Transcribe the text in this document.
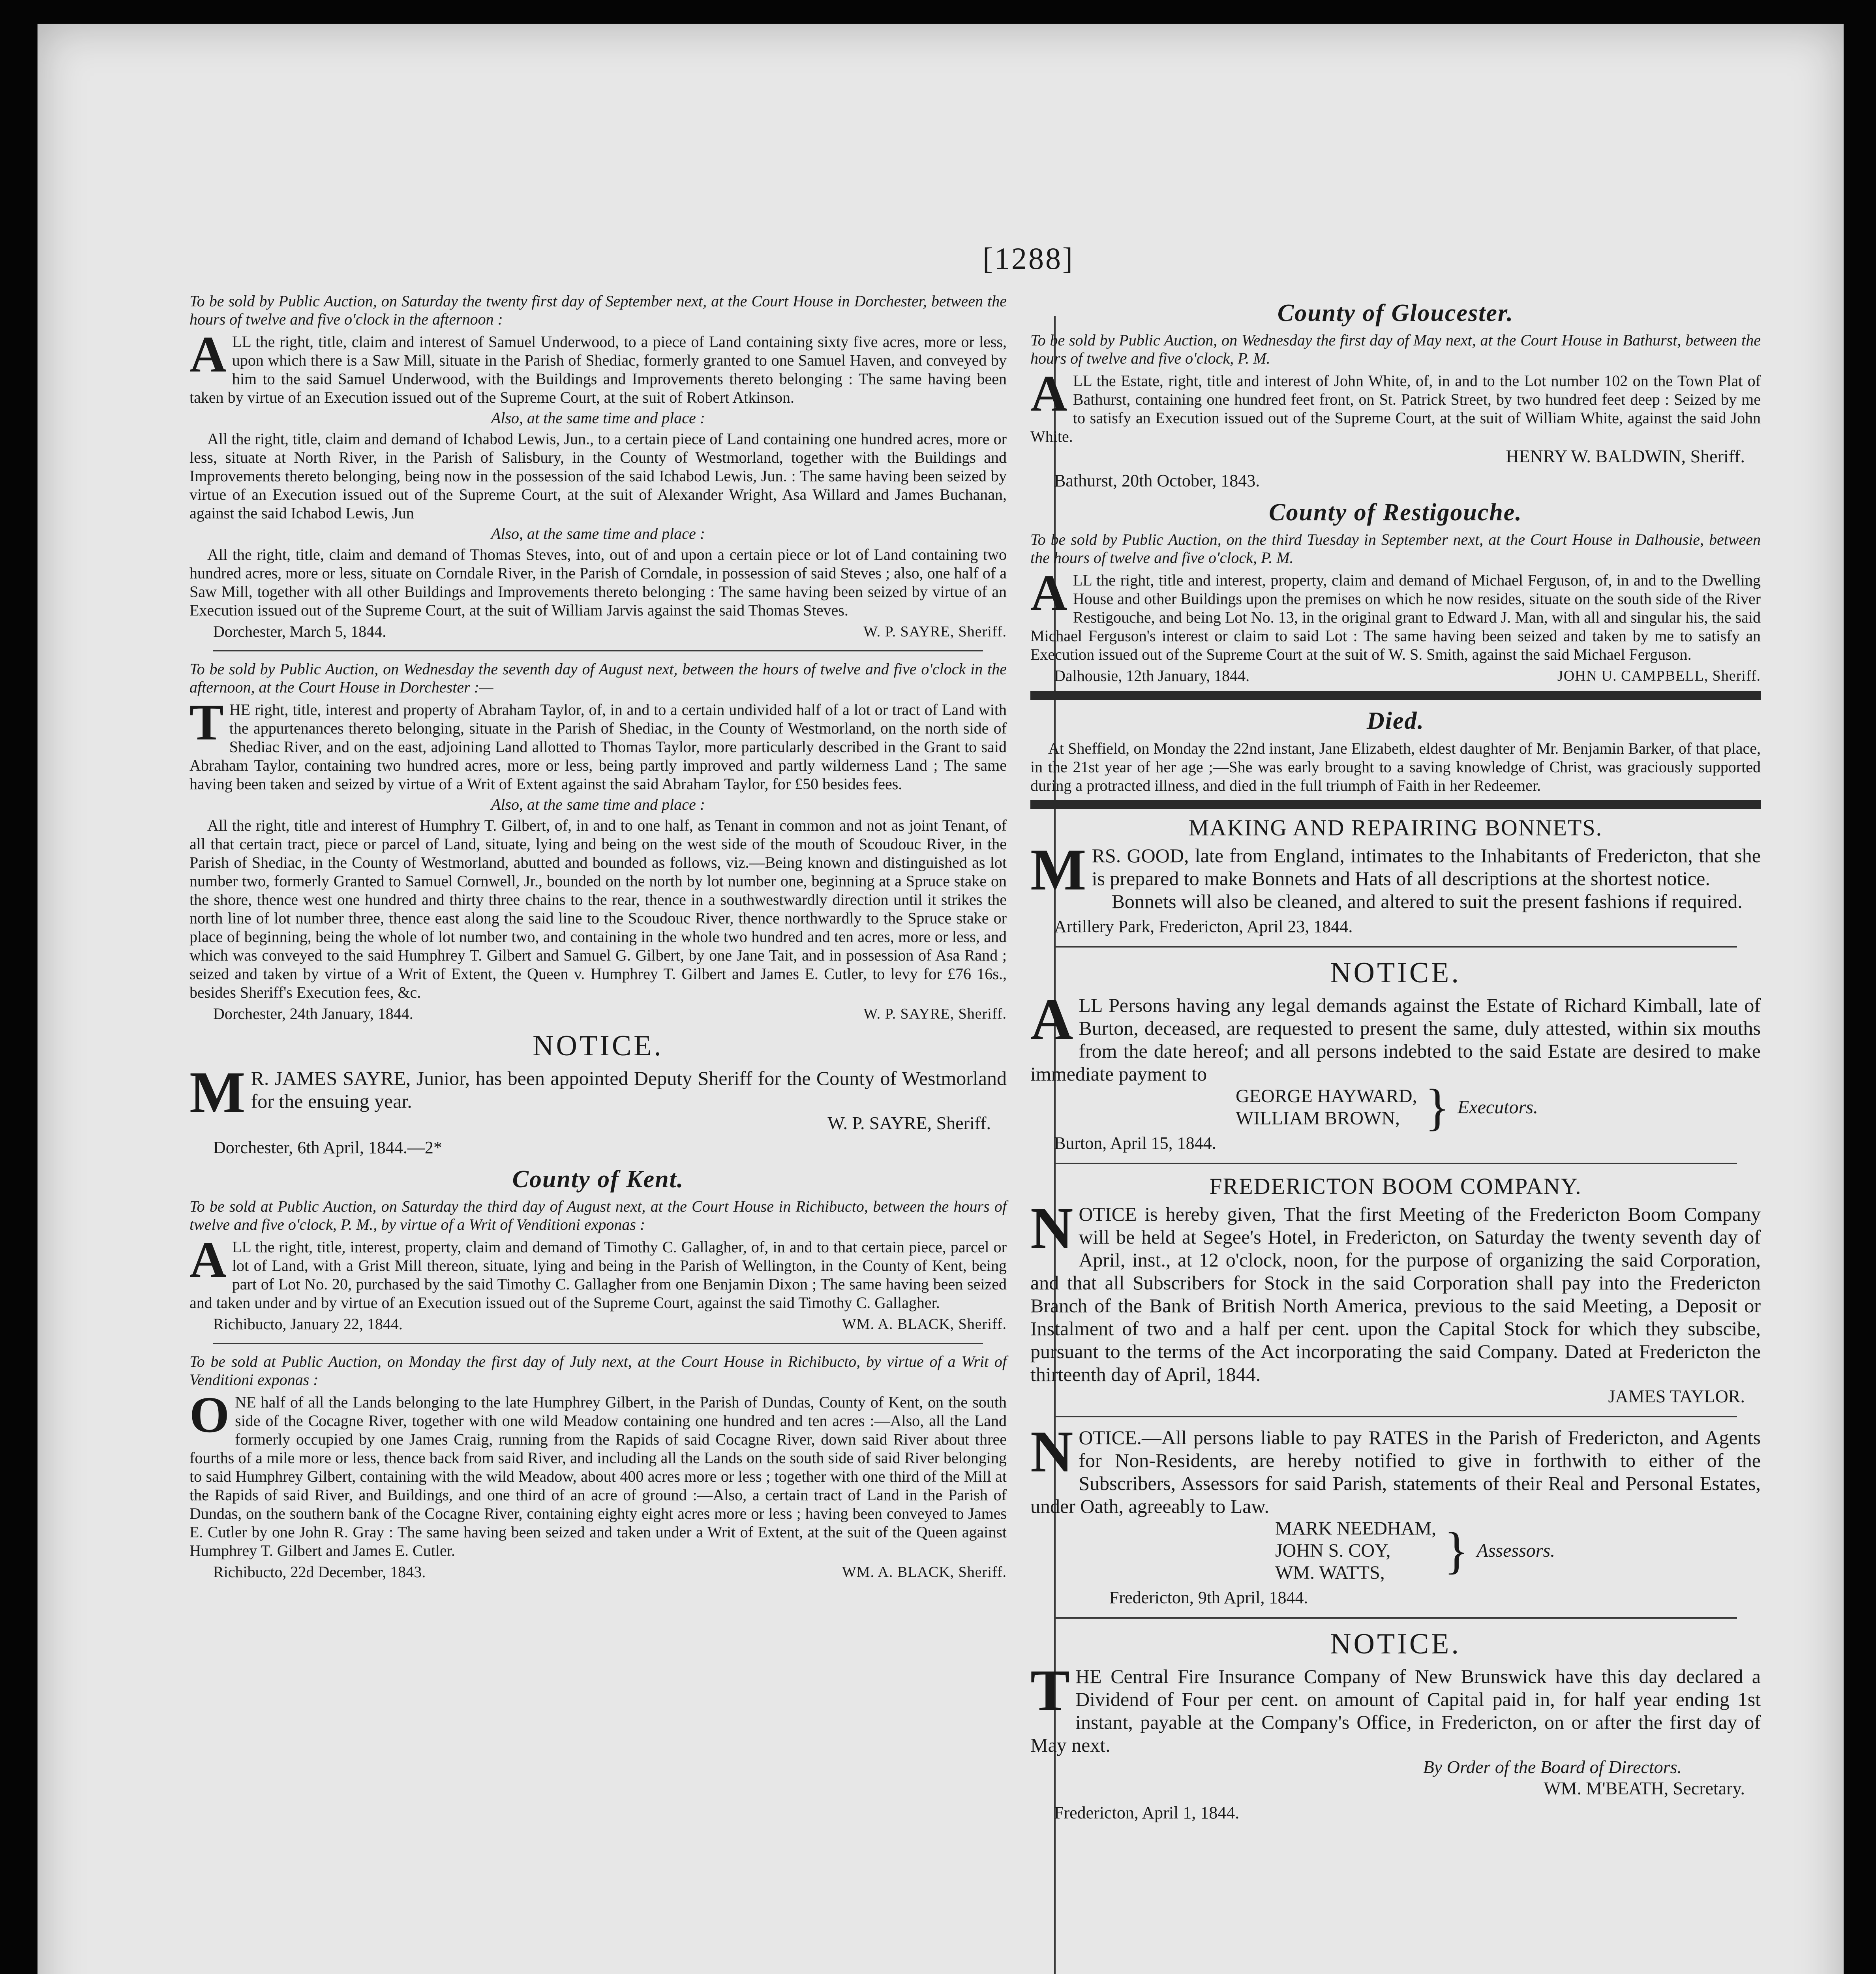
[1288]

To be sold by Public Auction, on Saturday the twenty first day of September next, at the Court House in Dorchester, between the hours of twelve and five o'clock in the afternoon :

ALL the right, title, claim and interest of Samuel Underwood, to a piece of Land containing sixty five acres, more or less, upon which there is a Saw Mill, situate in the Parish of Shediac, formerly granted to one Samuel Haven, and conveyed by him to the said Samuel Underwood, with the Buildings and Improvements thereto belonging : The same having been taken by virtue of an Execution issued out of the Supreme Court, at the suit of Robert Atkinson.

Also, at the same time and place :

All the right, title, claim and demand of Ichabod Lewis, Jun., to a certain piece of Land containing one hundred acres, more or less, situate at North River, in the Parish of Salisbury, in the County of Westmorland, together with the Buildings and Improvements thereto belonging, being now in the possession of the said Ichabod Lewis, Jun. : The same having been seized by virtue of an Execution issued out of the Supreme Court, at the suit of Alexander Wright, Asa Willard and James Buchanan, against the said Ichabod Lewis, Jun

Also, at the same time and place :

All the right, title, claim and demand of Thomas Steves, into, out of and upon a certain piece or lot of Land containing two hundred acres, more or less, situate on Corndale River, in the Parish of Corndale, in possession of said Steves ; also, one half of a Saw Mill, together with all other Buildings and Improvements thereto belonging : The same having been seized by virtue of an Execution issued out of the Supreme Court, at the suit of William Jarvis against the said Thomas Steves.

Dorchester, March 5, 1844.	W. P. SAYRE, Sheriff.

To be sold by Public Auction, on Wednesday the seventh day of August next, between the hours of twelve and five o'clock in the afternoon, at the Court House in Dorchester :—

THE right, title, interest and property of Abraham Taylor, of, in and to a certain undivided half of a lot or tract of Land with the appurtenances thereto belonging, situate in the Parish of Shediac, in the County of Westmorland, on the north side of Shediac River, and on the east, adjoining Land allotted to Thomas Taylor, more particularly described in the Grant to said Abraham Taylor, containing two hundred acres, more or less, being partly improved and partly wilderness Land ; The same having been taken and seized by virtue of a Writ of Extent against the said Abraham Taylor, for £50 besides fees.

Also, at the same time and place :

All the right, title and interest of Humphry T. Gilbert, of, in and to one half, as Tenant in common and not as joint Tenant, of all that certain tract, piece or parcel of Land, situate, lying and being on the west side of the mouth of Scoudouc River, in the Parish of Shediac, in the County of Westmorland, abutted and bounded as follows, viz.—Being known and distinguished as lot number two, formerly Granted to Samuel Cornwell, Jr., bounded on the north by lot number one, beginning at a Spruce stake on the shore, thence west one hundred and thirty three chains to the rear, thence in a southwestwardly direction until it strikes the north line of lot number three, thence east along the said line to the Scoudouc River, thence northwardly to the Spruce stake or place of beginning, being the whole of lot number two, and containing in the whole two hundred and ten acres, more or less, and which was conveyed to the said Humphrey T. Gilbert and Samuel G. Gilbert, by one Jane Tait, and in possession of Asa Rand ; seized and taken by virtue of a Writ of Extent, the Queen v. Humphrey T. Gilbert and James E. Cutler, to levy for £76 16s., besides Sheriff's Execution fees, &c.

Dorchester, 24th January, 1844.	W. P. SAYRE, Sheriff.
NOTICE.

M R. JAMES SAYRE, Junior, has been appointed Deputy Sheriff for the County of Westmorland for the ensuing year.

W. P. SAYRE, Sheriff.
Dorchester, 6th April, 1844.—2*
County of Kent.

To be sold at Public Auction, on Saturday the third day of August next, at the Court House in Richibucto, between the hours of twelve and five o'clock, P. M., by virtue of a Writ of Venditioni exponas :

ALL the right, title, interest, property, claim and demand of Timothy C. Gallagher, of, in and to that certain piece, parcel or lot of Land, with a Grist Mill thereon, situate, lying and being in the Parish of Wellington, in the County of Kent, being part of Lot No. 20, purchased by the said Timothy C. Gallagher from one Benjamin Dixon ; The same having been seized and taken under and by virtue of an Execution issued out of the Supreme Court, against the said Timothy C. Gallagher.

Richibucto, January 22, 1844.	WM. A. BLACK, Sheriff.

To be sold at Public Auction, on Monday the first day of July next, at the Court House in Richibucto, by virtue of a Writ of Venditioni exponas :

ONE half of all the Lands belonging to the late Humphrey Gilbert, in the Parish of Dundas, County of Kent, on the south side of the Cocagne River, together with one wild Meadow containing one hundred and ten acres :—Also, all the Land formerly occupied by one James Craig, running from the Rapids of said Cocagne River, down said River about three fourths of a mile more or less, thence back from said River, and including all the Lands on the south side of said River belonging to said Humphrey Gilbert, containing with the wild Meadow, about 400 acres more or less ; together with one third of the Mill at the Rapids of said River, and Buildings, and one third of an acre of ground :—Also, a certain tract of Land in the Parish of Dundas, on the southern bank of the Cocagne River, containing eighty eight acres more or less ; having been conveyed to James E. Cutler by one John R. Gray : The same having been seized and taken under a Writ of Extent, at the suit of the Queen against Humphrey T. Gilbert and James E. Cutler.

Richibucto, 22d December, 1843.	WM. A. BLACK, Sheriff.
County of Gloucester.

To be sold by Public Auction, on Wednesday the first day of May next, at the Court House in Bathurst, between the hours of twelve and five o'clock, P. M.

ALL the Estate, right, title and interest of John White, of, in and to the Lot number 102 on the Town Plat of Bathurst, containing one hundred feet front, on St. Patrick Street, by two hundred feet deep : Seized by me to satisfy an Execution issued out of the Supreme Court, at the suit of William White, against the said John White.

HENRY W. BALDWIN, Sheriff.
Bathurst, 20th October, 1843.
County of Restigouche.

To be sold by Public Auction, on the third Tuesday in September next, at the Court House in Dalhousie, between the hours of twelve and five o'clock, P. M.

ALL the right, title and interest, property, claim and demand of Michael Ferguson, of, in and to the Dwelling House and other Buildings upon the premises on which he now resides, situate on the south side of the River Restigouche, and being Lot No. 13, in the original grant to Edward J. Man, with all and singular his, the said Michael Ferguson's interest or claim to said Lot : The same having been seized and taken by me to satisfy an Execution issued out of the Supreme Court at the suit of W. S. Smith, against the said Michael Ferguson.

Dalhousie, 12th January, 1844.	JOHN U. CAMPBELL, Sheriff.
Died.

At Sheffield, on Monday the 22nd instant, Jane Elizabeth, eldest daughter of Mr. Benjamin Barker, of that place, in the 21st year of her age ;—She was early brought to a saving knowledge of Christ, was graciously supported during a protracted illness, and died in the full triumph of Faith in her Redeemer.

MAKING AND REPAIRING BONNETS.

MRS. GOOD, late from England, intimates to the Inhabitants of Fredericton, that she is prepared to make Bonnets and Hats of all descriptions at the shortest notice.

Bonnets will also be cleaned, and altered to suit the present fashions if required.

Artillery Park, Fredericton, April 23, 1844.
NOTICE.

ALL Persons having any legal demands against the Estate of Richard Kimball, late of Burton, deceased, are requested to present the same, duly attested, within six mouths from the date hereof; and all persons indebted to the said Estate are desired to make immediate payment to

GEORGE HAYWARD,
WILLIAM BROWN, } Executors.
Burton, April 15, 1844.
FREDERICTON BOOM COMPANY.

NOTICE is hereby given, That the first Meeting of the Fredericton Boom Company will be held at Segee's Hotel, in Fredericton, on Saturday the twenty seventh day of April, inst., at 12 o'clock, noon, for the purpose of organizing the said Corporation, and that all Subscribers for Stock in the said Corporation shall pay into the Fredericton Branch of the Bank of British North America, previous to the said Meeting, a Deposit or Instalment of two and a half per cent. upon the Capital Stock for which they subscibe, pursuant to the terms of the Act incorporating the said Company. Dated at Fredericton the thirteenth day of April, 1844.

JAMES TAYLOR.

NOTICE.—All persons liable to pay RATES in the Parish of Fredericton, and Agents for Non-Residents, are hereby notified to give in forthwith to either of the Subscribers, Assessors for said Parish, statements of their Real and Personal Estates, under Oath, agreeably to Law.

MARK NEEDHAM,
JOHN S. COY,
WM. WATTS,	} Assessors.
Fredericton, 9th April, 1844.
NOTICE.

THE Central Fire Insurance Company of New Brunswick have this day declared a Dividend of Four per cent. on amount of Capital paid in, for half year ending 1st instant, payable at the Company's Office, in Fredericton, on or after the first day of May next.

By Order of the Board of Directors.
WM. M'BEATH, Secretary.
Fredericton, April 1, 1844.
